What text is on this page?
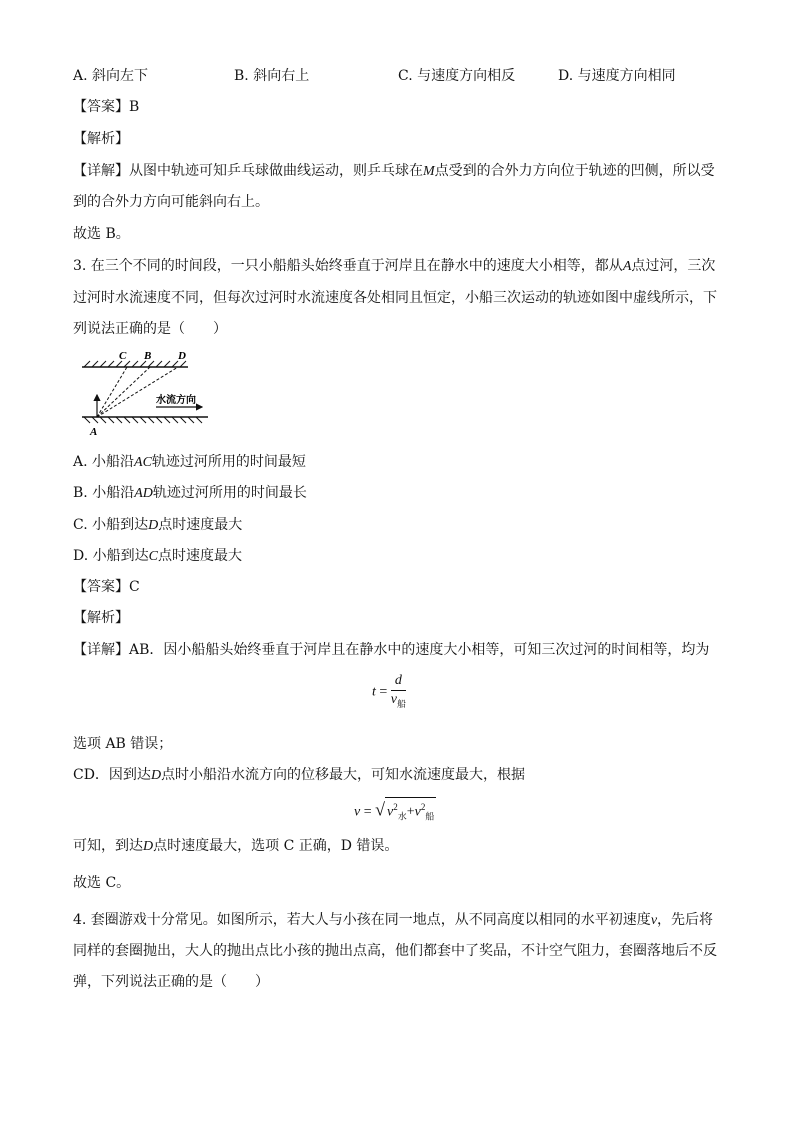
A. 斜向左下	B. 斜向右上	C. 与速度方向相反	D. 与速度方向相同
【答案】B
【解析】
【详解】从图中轨迹可知乒乓球做曲线运动，则乒乓球在M点受到的合外力方向位于轨迹的凹侧，所以受
到的合外力方向可能斜向右上。
故选 B。
3. 在三个不同的时间段，一只小船船头始终垂直于河岸且在静水中的速度大小相等，都从A点过河，三次
过河时水流速度不同，但每次过河时水流速度各处相同且恒定，小船三次运动的轨迹如图中虚线所示，下
列说法正确的是（　　）
C B D
A
水流方向
A. 小船沿AC轨迹过河所用的时间最短
B. 小船沿AD轨迹过河所用的时间最长
C. 小船到达D点时速度最大
D. 小船到达C点时速度最大
【答案】C
【解析】
【详解】AB．因小船船头始终垂直于河岸且在静水中的速度大小相等，可知三次过河的时间相等，均为
$t = \frac{d}{v_船}$
选项 AB 错误；
CD．因到达D点时小船沿水流方向的位移最大，可知水流速度最大，根据
v = √ $v^2_水+v^2_船$
可知，到达D点时速度最大，选项 C 正确，D 错误。
故选 C。
4. 套圈游戏十分常见。如图所示，若大人与小孩在同一地点，从不同高度以相同的水平初速度v，先后将
同样的套圈抛出，大人的抛出点比小孩的抛出点高，他们都套中了奖品，不计空气阻力，套圈落地后不反
弹，下列说法正确的是（　　）
